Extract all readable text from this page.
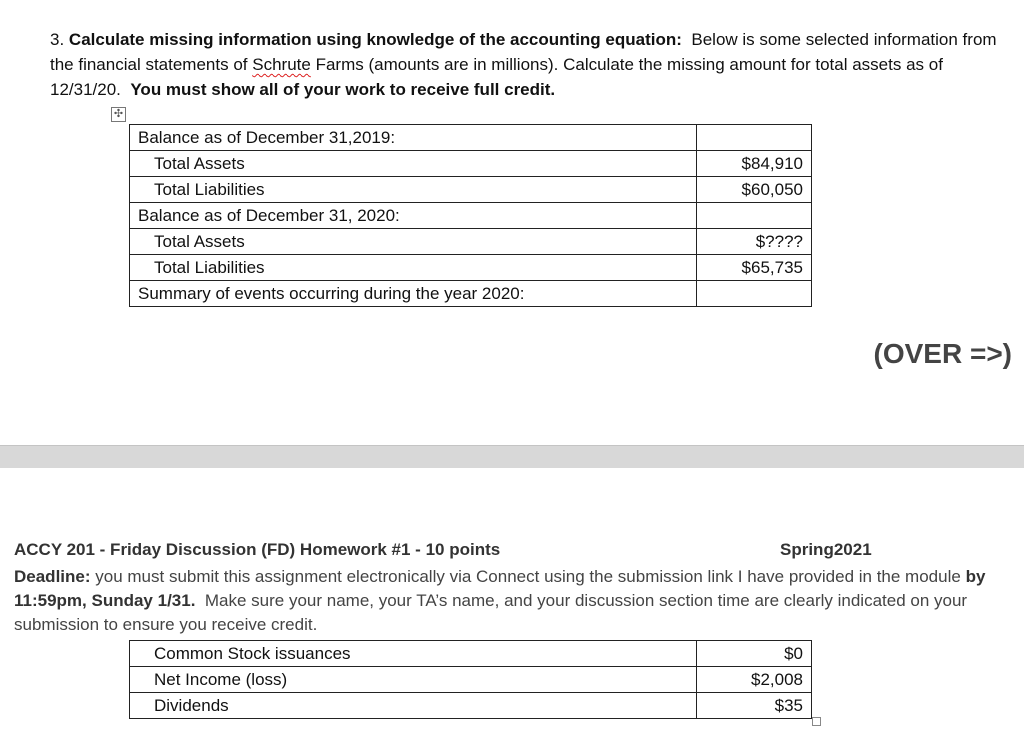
3. Calculate missing information using knowledge of the accounting equation: Below is some selected information from the financial statements of Schrute Farms (amounts are in millions). Calculate the missing amount for total assets as of 12/31/20. You must show all of your work to receive full credit.
✣
Balance as of December 31,2019:	
Total Assets	$84,910
Total Liabilities	$60,050
Balance as of December 31, 2020:	
Total Assets	$????
Total Liabilities	$65,735
Summary of events occurring during the year 2020:	
(OVER =>)
ACCY 201 - Friday Discussion (FD) Homework #1 - 10 points	Spring2021
Deadline: you must submit this assignment electronically via Connect using the submission link I have provided in the module by 11:59pm, Sunday 1/31. Make sure your name, your TA’s name, and your discussion section time are clearly indicated on your submission to ensure you receive credit.
Common Stock issuances	$0
Net Income (loss)	$2,008
Dividends	$35
